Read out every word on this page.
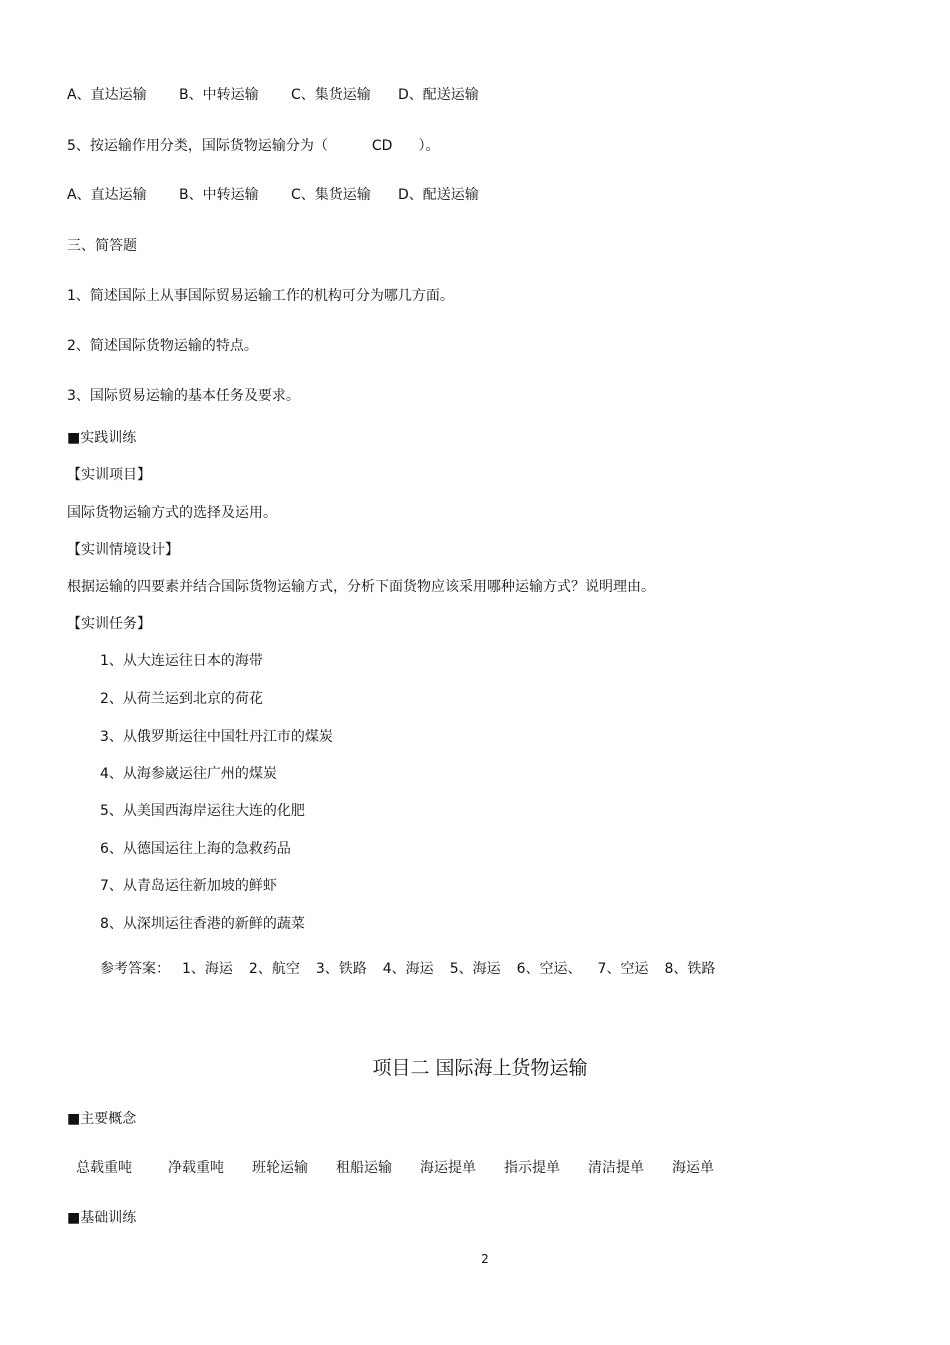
A、直达运输 B、中转运输 C、集货运输 D、配送运输
5、按运输作用分类，国际货物运输分为（	CD ）。
A、直达运输 B、中转运输 C、集货运输 D、配送运输
三、简答题
1、简述国际上从事国际贸易运输工作的机构可分为哪几方面。
2、简述国际货物运输的特点。
3、国际贸易运输的基本任务及要求。
■实践训练
【实训项目】
国际货物运输方式的选择及运用。
【实训情境设计】
根据运输的四要素并结合国际货物运输方式，分析下面货物应该采用哪种运输方式？说明理由。
【实训任务】
1、从大连运往日本的海带
2、从荷兰运到北京的荷花
3、从俄罗斯运往中国牡丹江市的煤炭
4、从海参崴运往广州的煤炭
5、从美国西海岸运往大连的化肥
6、从德国运往上海的急救药品
7、从青岛运往新加坡的鲜虾
8、从深圳运往香港的新鲜的蔬菜
参考答案： 1、海运 2、航空 3、铁路 4、海运 5、海运 6、空运、 7、空运 8、铁路
项目二 国际海上货物运输
■主要概念
总载重吨	净载重吨 班轮运输 租船运输 海运提单 指示提单 清洁提单 海运单
■基础训练
2
